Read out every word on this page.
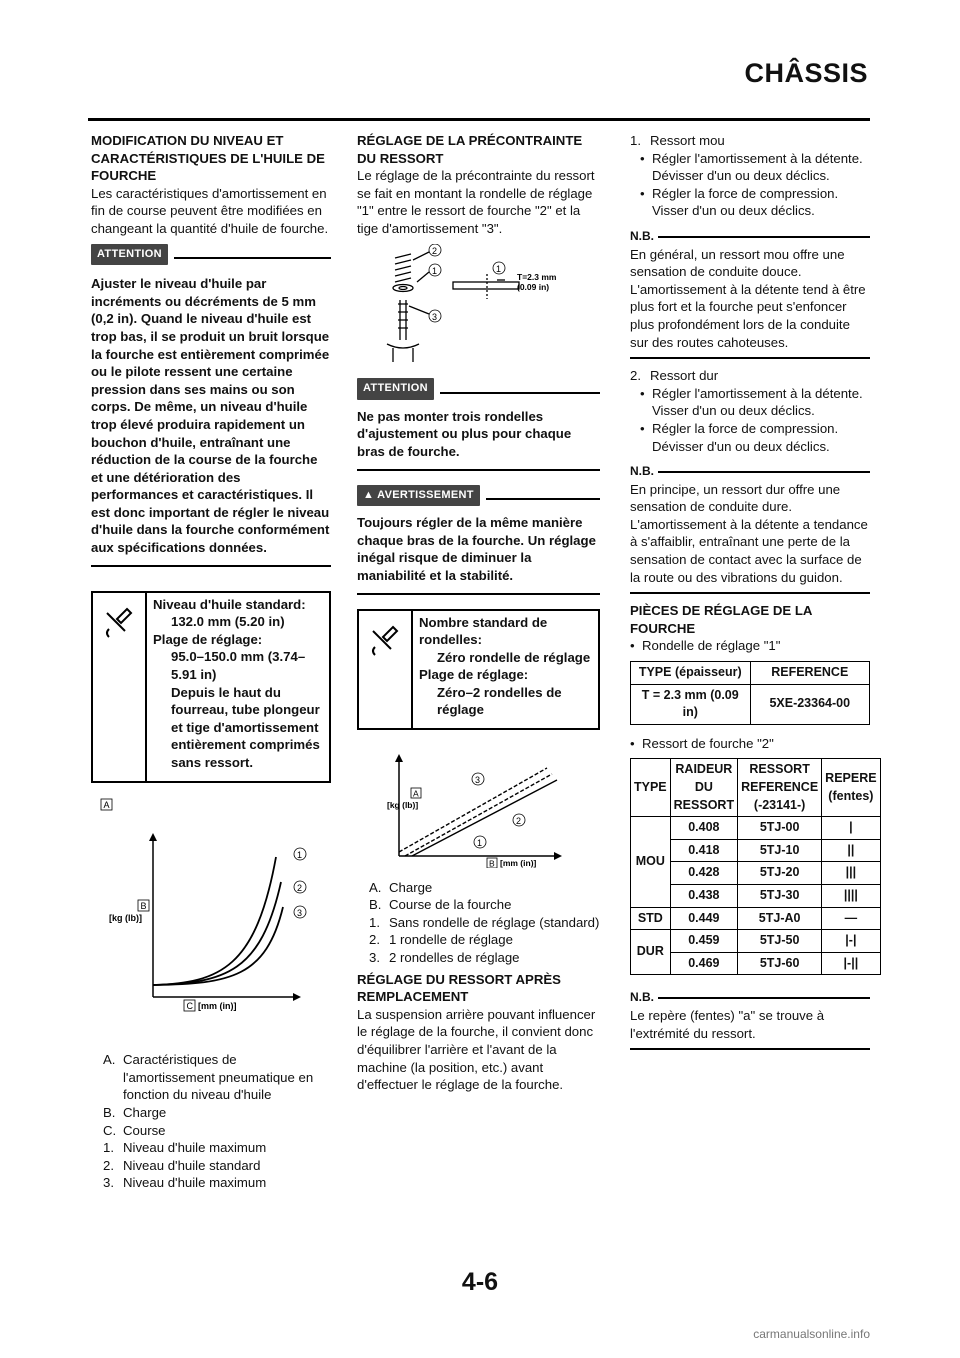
CHÂSSIS

MODIFICATION DU NIVEAU ET CARACTÉRISTIQUES DE L'HUILE DE FOURCHE

Les caractéristiques d'amortissement en fin de course peuvent être modifiées en changeant la quantité d'huile de fourche.

ATTENTION

Ajuster le niveau d'huile par incréments ou décréments de 5 mm (0,2 in). Quand le niveau d'huile est trop bas, il se produit un bruit lorsque la fourche est entièrement comprimée ou le pilote ressent une certaine pression dans ses mains ou son corps. De même, un niveau d'huile trop élevé produira rapidement un bouchon d'huile, entraînant une réduction de la course de la fourche et une détérioration des performances et caractéristiques. Il est donc important de régler le niveau d'huile dans la fourche conformément aux spécifications données.

Niveau d'huile standard:

132.0 mm (5.20 in)

Plage de réglage:

95.0–150.0 mm (3.74–5.91 in)

Depuis le haut du fourreau, tube plongeur et tige d'amortissement entièrement comprimés sans ressort.

A
B
[kg (lb)]
C [mm (in)]
1
2
3
A. Caractéristiques de l'amortissement pneumatique en fonction du niveau d'huile
B. Charge
C. Course
1. Niveau d'huile maximum
2. Niveau d'huile standard
3. Niveau d'huile maximum

RÉGLAGE DE LA PRÉCONTRAINTE DU RESSORT

Le réglage de la précontrainte du ressort se fait en montant la rondelle de réglage "1" entre le ressort de fourche "2" et la tige d'amortissement "3".

2
1
3
1
T=2.3 mm
(0.09 in)
ATTENTION

Ne pas monter trois rondelles d'ajustement ou plus pour chaque bras de fourche.

▲ AVERTISSEMENT

Toujours régler de la même manière chaque bras de la fourche. Un réglage inégal risque de diminuer la maniabilité et la stabilité.

Nombre standard de rondelles:

Zéro rondelle de réglage

Plage de réglage:

Zéro–2 rondelles de réglage

A
[kg (lb)]
B [mm (in)]
1
2
3
A. Charge
B. Course de la fourche
1. Sans rondelle de réglage (standard)
2. 1 rondelle de réglage
3. 2 rondelles de réglage

RÉGLAGE DU RESSORT APRÈS REMPLACEMENT

La suspension arrière pouvant influencer le réglage de la fourche, il convient donc d'équilibrer l'arrière et l'avant de la machine (la position, etc.) avant d'effectuer le réglage de la fourche.

1. Ressort mou
• Régler l'amortissement à la détente.
Dévisser d'un ou deux déclics.
• Régler la force de compression.
Visser d'un ou deux déclics.
N.B.

En général, un ressort mou offre une sensation de conduite douce. L'amortissement à la détente tend à être plus fort et la fourche peut s'enfoncer plus profondément lors de la conduite sur des routes cahoteuses.

2. Ressort dur
• Régler l'amortissement à la détente.
Visser d'un ou deux déclics.
• Régler la force de compression.
Dévisser d'un ou deux déclics.
N.B.

En principe, un ressort dur offre une sensation de conduite dure. L'amortissement à la détente a tendance à s'affaiblir, entraînant une perte de la sensation de contact avec la surface de la route ou des vibrations du guidon.

PIÈCES DE RÉGLAGE DE LA FOURCHE

• Rondelle de réglage "1"
TYPE (épaisseur)	REFERENCE
T = 2.3 mm (0.09 in)	5XE-23364-00
• Ressort de fourche "2"
TYPE	RAIDEUR DU RESSORT	RESSORT REFERENCE (-23141-)	REPERE (fentes)
MOU	0.408	5TJ-00	|
	0.418	5TJ-10	||
	0.428	5TJ-20	|||
	0.438	5TJ-30	||||
STD	0.449	5TJ-A0	—
DUR	0.459	5TJ-50	|-|
	0.469	5TJ-60	|-||
N.B.

Le repère (fentes) "a" se trouve à l'extrémité du ressort.

4-6
carmanualsonline.info
